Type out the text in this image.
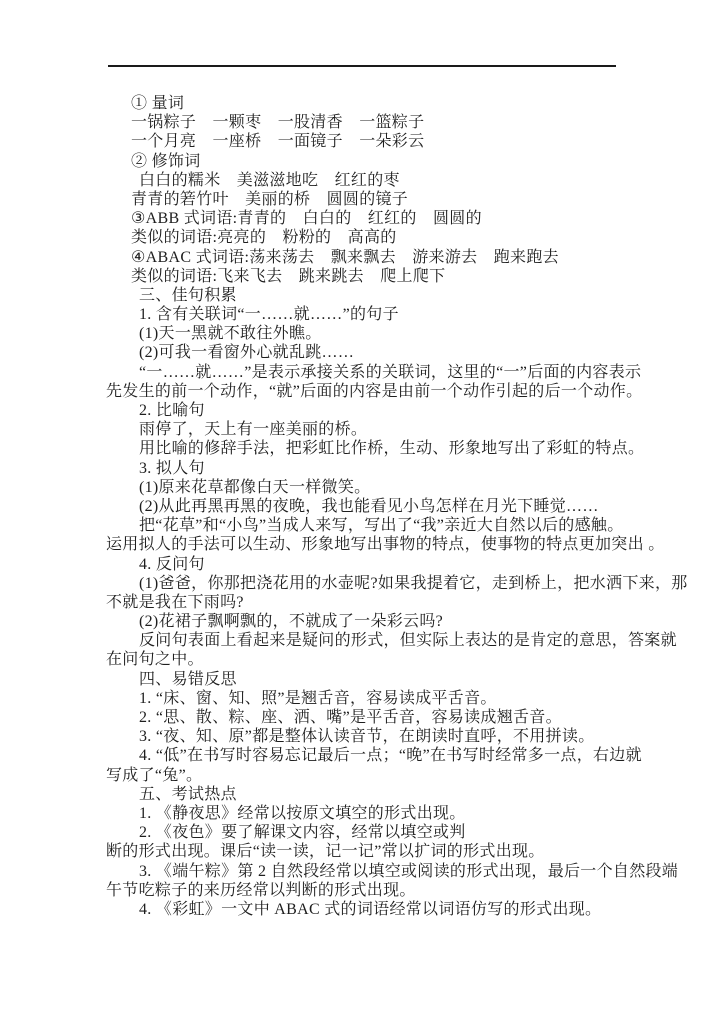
① 量词
一锅粽子　一颗枣　一股清香　一篮粽子
一个月亮　一座桥　一面镜子　一朵彩云
② 修饰词
白白的糯米　美滋滋地吃　红红的枣
青青的箬竹叶　美丽的桥　圆圆的镜子
③ABB 式词语:青青的　白白的　红红的　圆圆的
类似的词语:亮亮的　粉粉的　高高的
④ABAC 式词语:荡来荡去　飘来飘去　游来游去　跑来跑去
类似的词语:飞来飞去　跳来跳去　爬上爬下
三、佳句积累
1. 含有关联词“一……就……”的句子
(1)天一黑就不敢往外瞧。
(2)可我一看窗外心就乱跳……
“一……就……”是表示承接关系的关联词，这里的“一”后面的内容表示
先发生的前一个动作，“就”后面的内容是由前一个动作引起的后一个动作。
2. 比喻句
雨停了，天上有一座美丽的桥。
用比喻的修辞手法，把彩虹比作桥，生动、形象地写出了彩虹的特点。
3. 拟人句
(1)原来花草都像白天一样微笑。
(2)从此再黑再黑的夜晚，我也能看见小鸟怎样在月光下睡觉……
把“花草”和“小鸟”当成人来写，写出了“我”亲近大自然以后的感触。
运用拟人的手法可以生动、形象地写出事物的特点，使事物的特点更加突出 。
4. 反问句
(1)爸爸，你那把浇花用的水壶呢?如果我提着它，走到桥上，把水洒下来，那
不就是我在下雨吗?
(2)花裙子飘啊飘的，不就成了一朵彩云吗?
反问句表面上看起来是疑问的形式，但实际上表达的是肯定的意思，答案就
在问句之中。
四、易错反思
1. “床、窗、知、照”是翘舌音，容易读成平舌音。
2. “思、散、粽、座、洒、嘴”是平舌音，容易读成翘舌音。
3. “夜、知、原”都是整体认读音节，在朗读时直呼，不用拼读。
4. “低”在书写时容易忘记最后一点；“晚”在书写时经常多一点，右边就
写成了“兔”。
五、考试热点
1. 《静夜思》经常以按原文填空的形式出现。
2. 《夜色》要了解课文内容，经常以填空或判
断的形式出现。课后“读一读，记一记”常以扩词的形式出现。
3. 《端午粽》第 2 自然段经常以填空或阅读的形式出现，最后一个自然段端
午节吃粽子的来历经常以判断的形式出现。
4. 《彩虹》一文中 ABAC 式的词语经常以词语仿写的形式出现。
